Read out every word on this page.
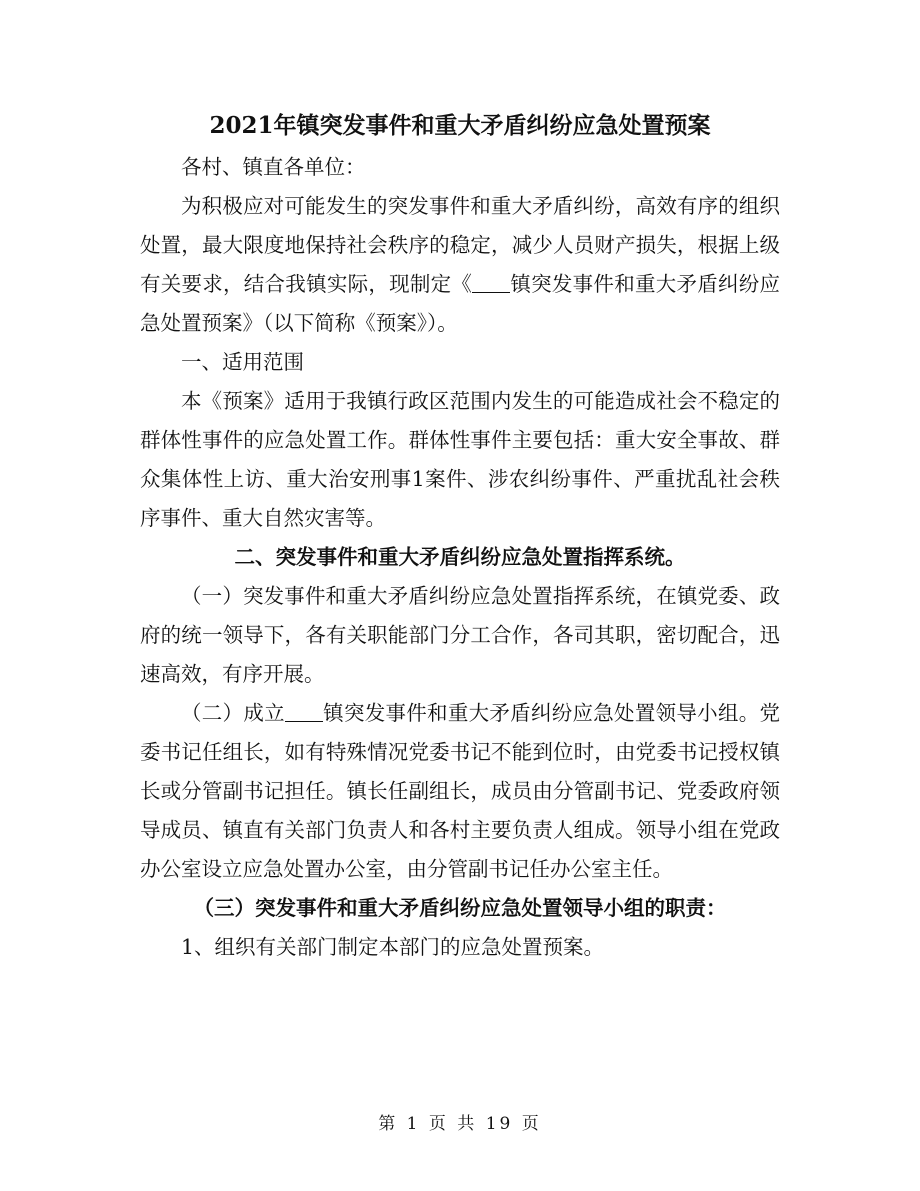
2021年镇突发事件和重大矛盾纠纷应急处置预案

各村、镇直各单位：

为积极应对可能发生的突发事件和重大矛盾纠纷，高效有序的组织处置，最大限度地保持社会秩序的稳定，减少人员财产损失，根据上级有关要求，结合我镇实际，现制定《 镇突发事件和重大矛盾纠纷应急处置预案》（以下简称《预案》）。

一、适用范围

本《预案》适用于我镇行政区范围内发生的可能造成社会不稳定的群体性事件的应急处置工作。群体性事件主要包括：重大安全事故、群众集体性上访、重大治安刑事1案件、涉农纠纷事件、严重扰乱社会秩序事件、重大自然灾害等。

二、突发事件和重大矛盾纠纷应急处置指挥系统。

（一）突发事件和重大矛盾纠纷应急处置指挥系统，在镇党委、政府的统一领导下，各有关职能部门分工合作，各司其职，密切配合，迅速高效，有序开展。

（二）成立 镇突发事件和重大矛盾纠纷应急处置领导小组。党委书记任组长，如有特殊情况党委书记不能到位时，由党委书记授权镇长或分管副书记担任。镇长任副组长，成员由分管副书记、党委政府领导成员、镇直有关部门负责人和各村主要负责人组成。领导小组在党政办公室设立应急处置办公室，由分管副书记任办公室主任。

（三）突发事件和重大矛盾纠纷应急处置领导小组的职责：

1、组织有关部门制定本部门的应急处置预案。

第 1 页 共 19 页
